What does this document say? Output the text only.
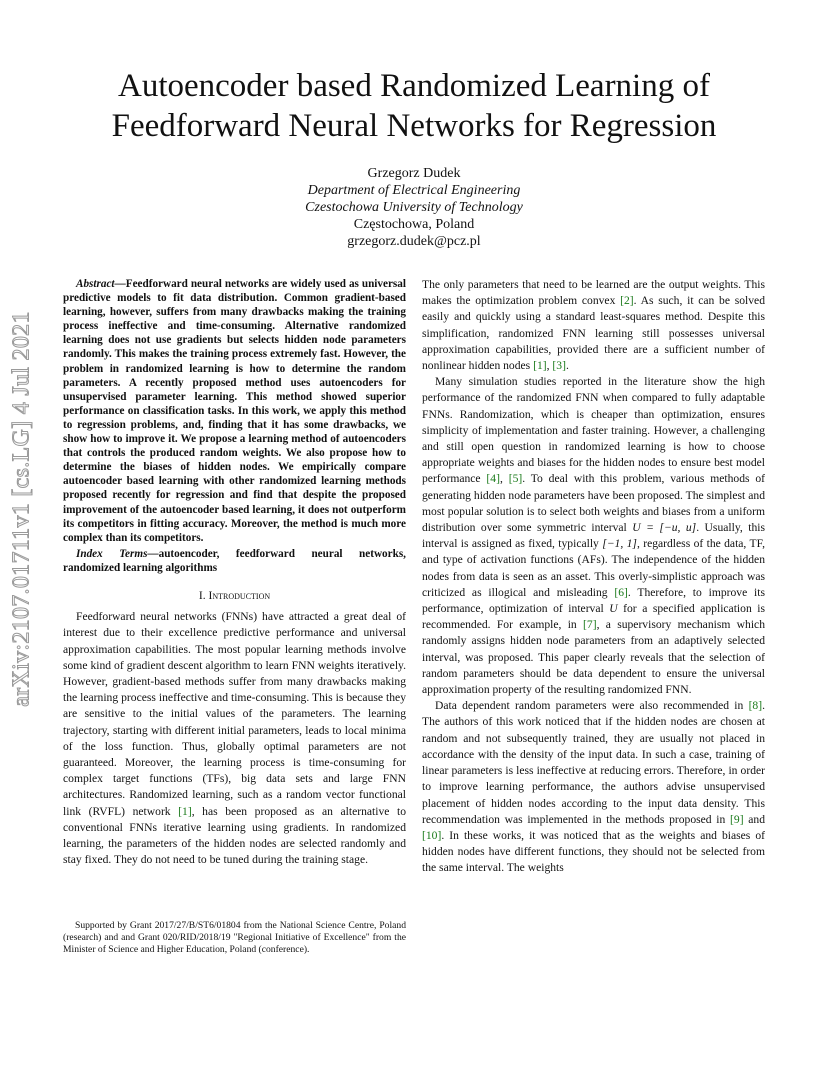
arXiv:2107.01711v1 [cs.LG] 4 Jul 2021
Autoencoder based Randomized Learning of
Feedforward Neural Networks for Regression
Grzegorz Dudek
Department of Electrical Engineering
Czestochowa University of Technology
Częstochowa, Poland
grzegorz.dudek@pcz.pl

Abstract—Feedforward neural networks are widely used as universal predictive models to fit data distribution. Common gradient-based learning, however, suffers from many drawbacks making the training process ineffective and time-consuming. Alternative randomized learning does not use gradients but selects hidden node parameters randomly. This makes the training process extremely fast. However, the problem in randomized learning is how to determine the random parameters. A recently proposed method uses autoencoders for unsupervised parameter learning. This method showed superior performance on classification tasks. In this work, we apply this method to regression problems, and, finding that it has some drawbacks, we show how to improve it. We propose a learning method of autoencoders that controls the produced random weights. We also propose how to determine the biases of hidden nodes. We empirically compare autoencoder based learning with other randomized learning methods proposed recently for regression and find that despite the proposed improvement of the autoencoder based learning, it does not outperform its competitors in fitting accuracy. Moreover, the method is much more complex than its competitors.

Index Terms—autoencoder, feedforward neural networks, randomized learning algorithms

I. Introduction

Feedforward neural networks (FNNs) have attracted a great deal of interest due to their excellence predictive performance and universal approximation capabilities. The most popular learning methods involve some kind of gradient descent algorithm to learn FNN weights iteratively. However, gradient-based methods suffer from many drawbacks making the learning process ineffective and time-consuming. This is because they are sensitive to the initial values of the parameters. The learning trajectory, starting with different initial parameters, leads to local minima of the loss function. Thus, globally optimal parameters are not guaranteed. Moreover, the learning process is time-consuming for complex target functions (TFs), big data sets and large FNN architectures. Randomized learning, such as a random vector functional link (RVFL) network [1], has been proposed as an alternative to conventional FNNs iterative learning using gradients. In randomized learning, the parameters of the hidden nodes are selected randomly and stay fixed. They do not need to be tuned during the training stage.

Supported by Grant 2017/27/B/ST6/01804 from the National Science Centre, Poland (research) and and Grant 020/RID/2018/19 "Regional Initiative of Excellence" from the Minister of Science and Higher Education, Poland (conference).

The only parameters that need to be learned are the output weights. This makes the optimization problem convex [2]. As such, it can be solved easily and quickly using a standard least-squares method. Despite this simplification, randomized FNN learning still possesses universal approximation capabilities, provided there are a sufficient number of nonlinear hidden nodes [1], [3].

Many simulation studies reported in the literature show the high performance of the randomized FNN when compared to fully adaptable FNNs. Randomization, which is cheaper than optimization, ensures simplicity of implementation and faster training. However, a challenging and still open question in randomized learning is how to choose appropriate weights and biases for the hidden nodes to ensure best model performance [4], [5]. To deal with this problem, various methods of generating hidden node parameters have been proposed. The simplest and most popular solution is to select both weights and biases from a uniform distribution over some symmetric interval U = [−u, u]. Usually, this interval is assigned as fixed, typically [−1, 1], regardless of the data, TF, and type of activation functions (AFs). The independence of the hidden nodes from data is seen as an asset. This overly-simplistic approach was criticized as illogical and misleading [6]. Therefore, to improve its performance, optimization of interval U for a specified application is recommended. For example, in [7], a supervisory mechanism which randomly assigns hidden node parameters from an adaptively selected interval, was proposed. This paper clearly reveals that the selection of random parameters should be data dependent to ensure the universal approximation property of the resulting randomized FNN.

Data dependent random parameters were also recommended in [8]. The authors of this work noticed that if the hidden nodes are chosen at random and not subsequently trained, they are usually not placed in accordance with the density of the input data. In such a case, training of linear parameters is less ineffective at reducing errors. Therefore, in order to improve learning performance, the authors advise unsupervised placement of hidden nodes according to the input data density. This recommendation was implemented in the methods proposed in [9] and [10]. In these works, it was noticed that as the weights and biases of hidden nodes have different functions, they should not be selected from the same interval. The weights
